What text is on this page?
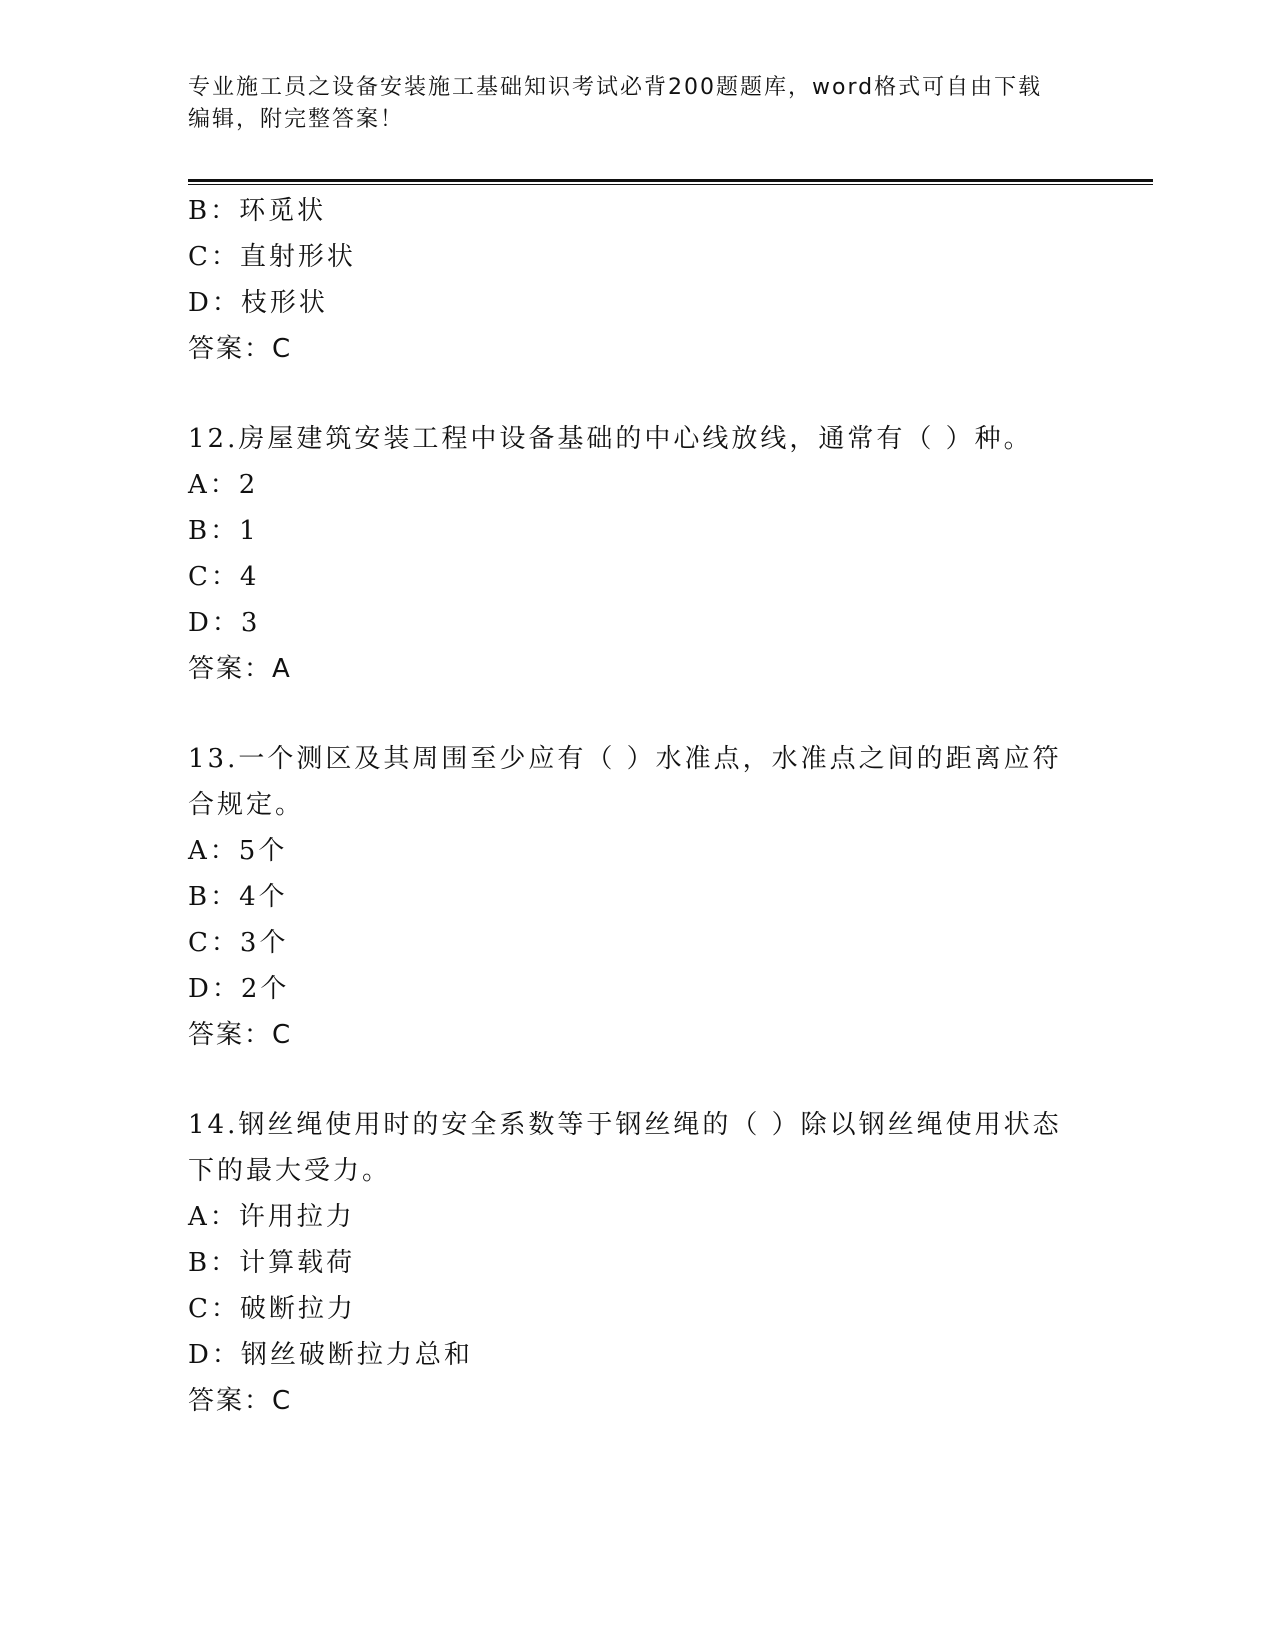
专业施工员之设备安装施工基础知识考试必背200题题库，word格式可自由下载
编辑，附完整答案！
B：环觅状
C：直射形状
D：枝形状
答案：C
12.房屋建筑安装工程中设备基础的中心线放线，通常有（ ）种。
A：2
B：1
C：4
D：3
答案：A
13.一个测区及其周围至少应有（ ）水准点，水准点之间的距离应符合规定。
A：5个
B：4个
C：3个
D：2个
答案：C
14.钢丝绳使用时的安全系数等于钢丝绳的（ ）除以钢丝绳使用状态下的最大受力。
A：许用拉力
B：计算载荷
C：破断拉力
D：钢丝破断拉力总和
答案：C
